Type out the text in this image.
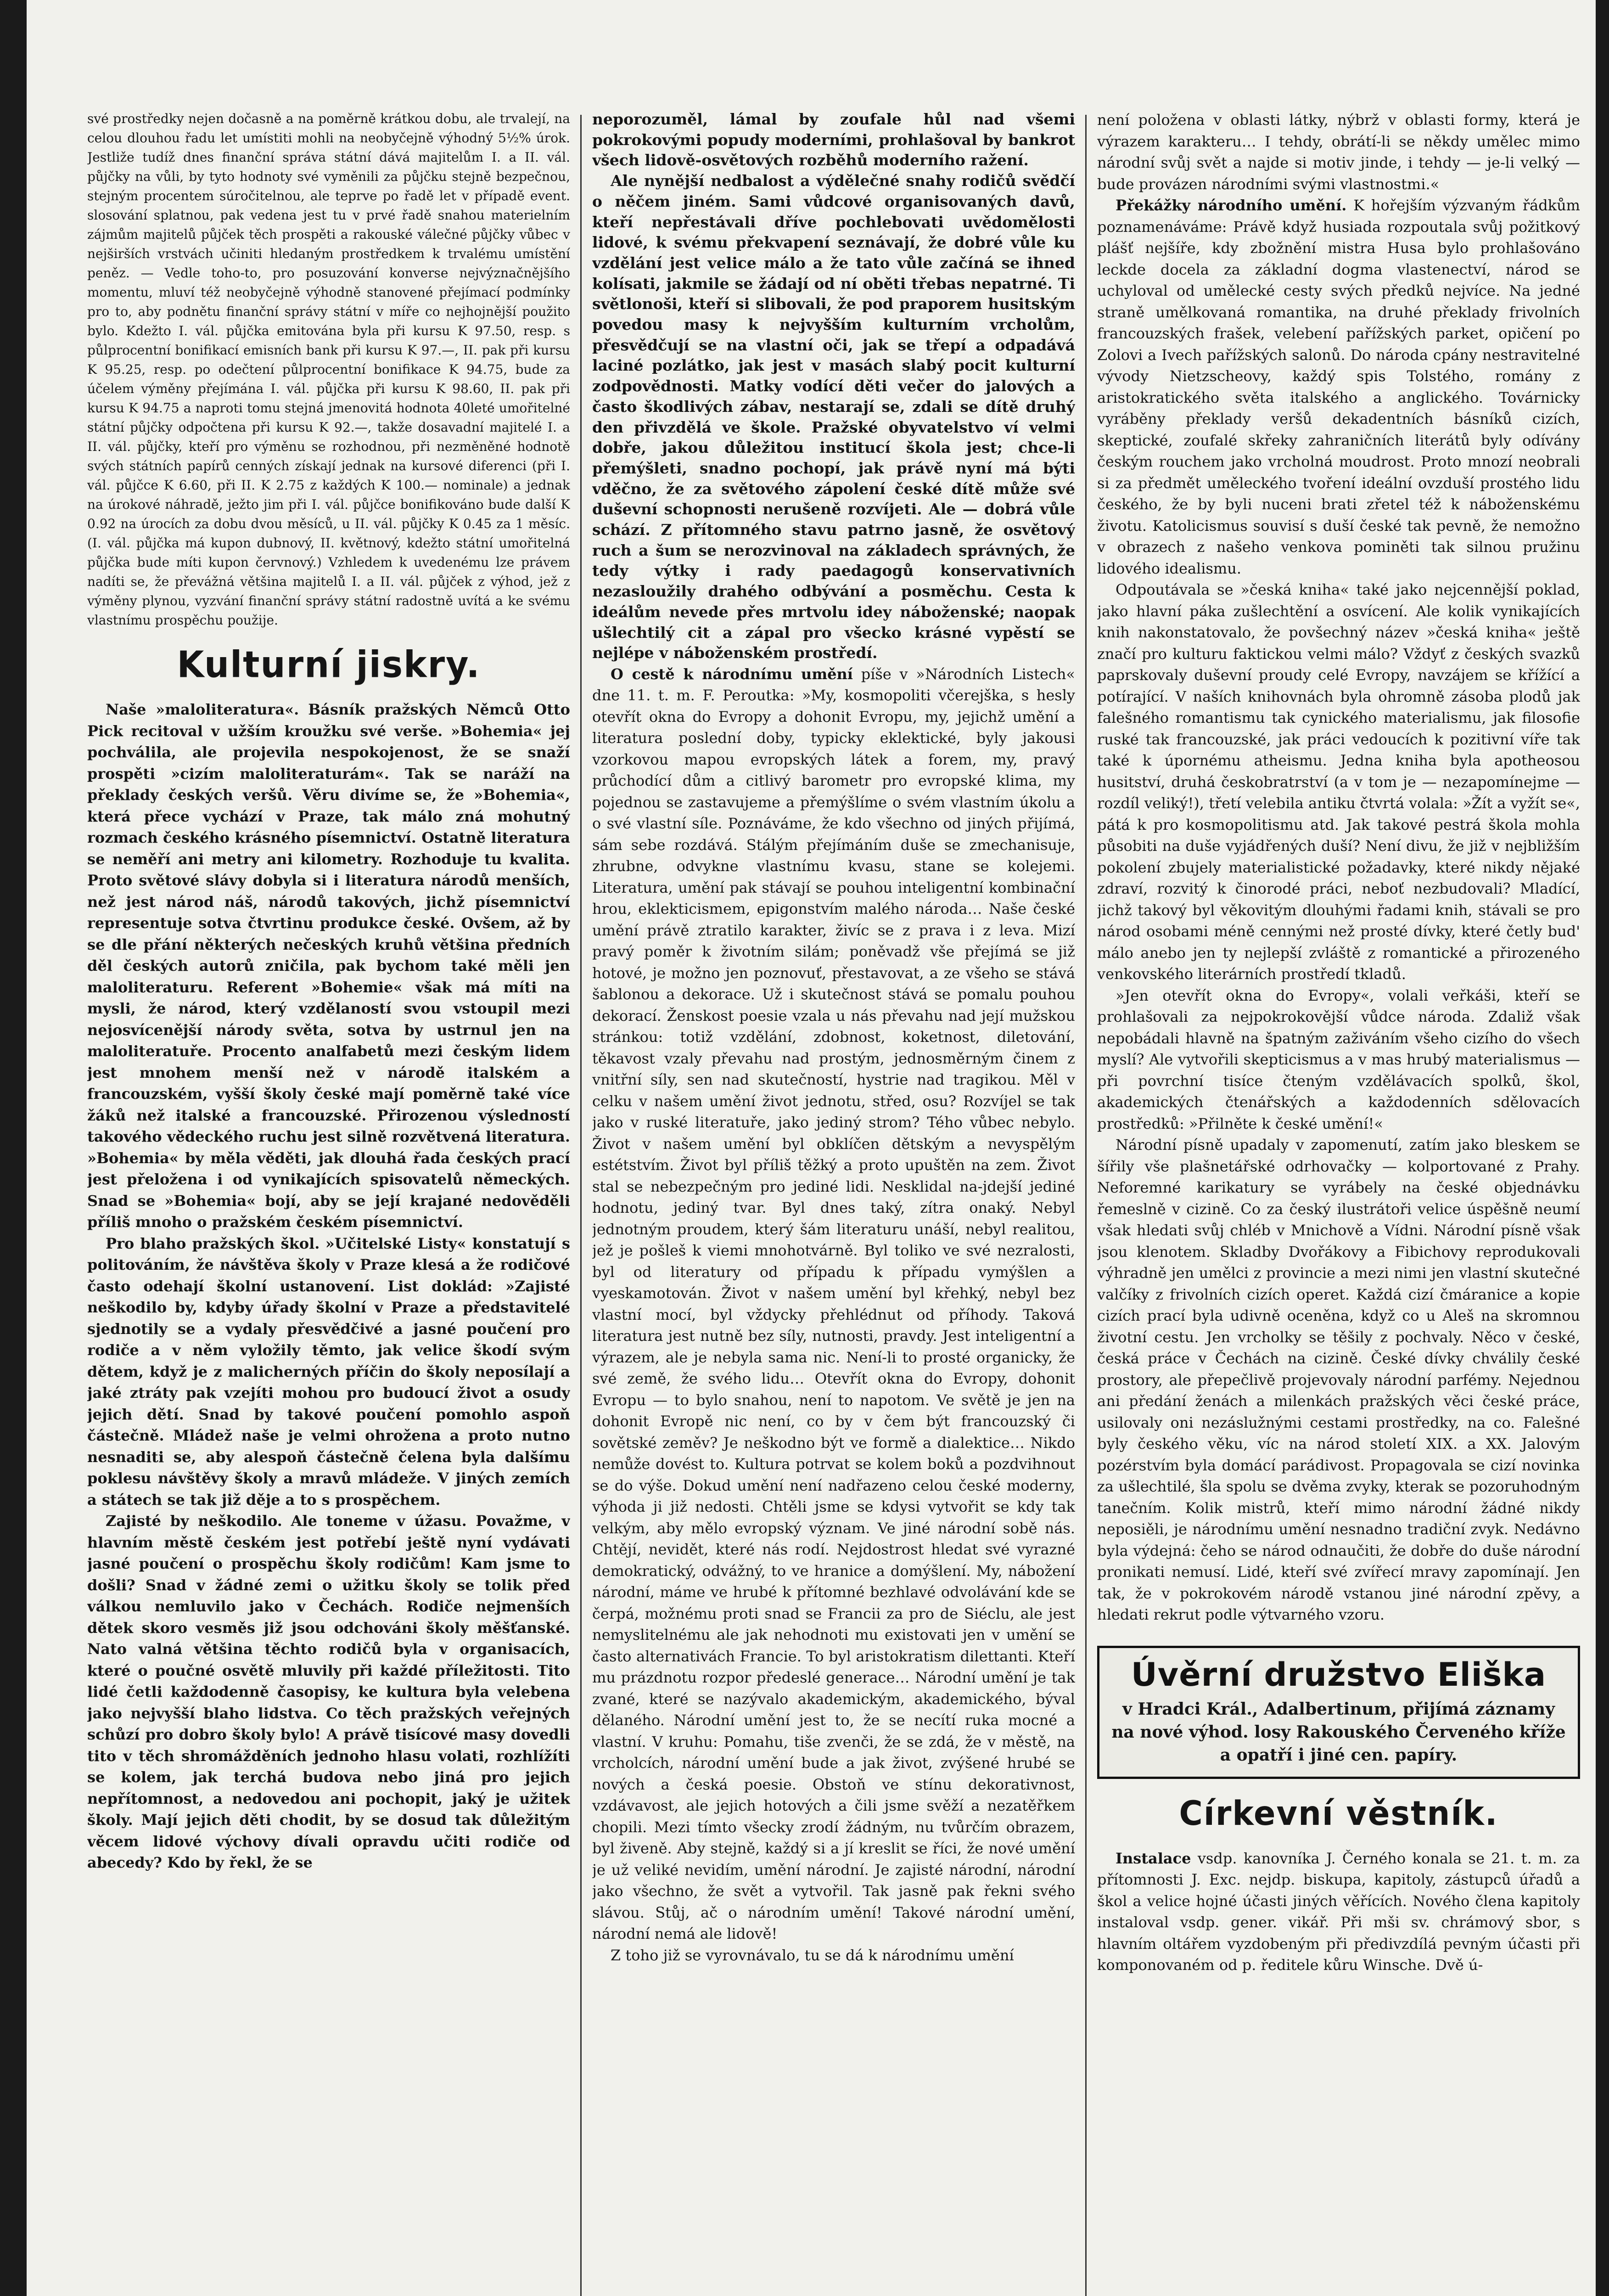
své prostředky nejen dočasně a na poměrně krátkou dobu, ale trvalejí, na celou dlouhou řadu let umístiti mohli na neobyčejně výhodný 5½% úrok. Jestliže tudíž dnes finanční správa státní dává majitelům I. a II. vál. půjčky na vůli, by tyto hodnoty své vyměnili za půjčku stejně bezpečnou, stejným procentem súročitelnou, ale teprve po řadě let v případě event. slosování splatnou, pak vedena jest tu v prvé řadě snahou materielním zájmům majitelů půjček těch prospěti a rakouské válečné půjčky vůbec v nejširších vrstvách učiniti hledaným prostředkem k trvalému umístění peněz. — Vedle toho-to, pro posuzování konverse nejvýznačnějšího momentu, mluví též neobyčejně výhodně stanovené přejímací podmínky pro to, aby podnětu finanční správy státní v míře co nejhojnější použito bylo. Kdežto I. vál. půjčka emitována byla při kursu K 97.50, resp. s půlprocentní bonifikací emisních bank při kursu K 97.—, II. pak při kursu K 95.25, resp. po odečtení půlprocentní bonifikace K 94.75, bude za účelem výměny přejímána I. vál. půjčka při kursu K 98.60, II. pak při kursu K 94.75 a naproti tomu stejná jmenovitá hodnota 40leté umořitelné státní půjčky odpočtena při kursu K 92.—, takže dosavadní majitelé I. a II. vál. půjčky, kteří pro výměnu se rozhodnou, při nezměněné hodnotě svých státních papírů cenných získají jednak na kursové diferenci (při I. vál. půjčce K 6.60, při II. K 2.75 z každých K 100.— nominale) a jednak na úrokové náhradě, ježto jim při I. vál. půjčce bonifikováno bude další K 0.92 na úrocích za dobu dvou měsíců, u II. vál. půjčky K 0.45 za 1 měsíc. (I. vál. půjčka má kupon dubnový, II. květnový, kdežto státní umořitelná půjčka bude míti kupon červnový.) Vzhledem k uvedenému lze právem nadíti se, že převážná většina majitelů I. a II. vál. půjček z výhod, jež z výměny plynou, vyzvání finanční správy státní radostně uvítá a ke svému vlastnímu prospěchu použije.

Kulturní jiskry.

Naše »maloliteratura«. Básník pražských Němců Otto Pick recitoval v užším kroužku své verše. »Bohemia« jej pochválila, ale projevila nespokojenost, že se snaží prospěti »cizím maloliteraturám«. Tak se naráží na překlady českých veršů. Věru divíme se, že »Bohemia«, která přece vychází v Praze, tak málo zná mohutný rozmach českého krásného písemnictví. Ostatně literatura se neměří ani metry ani kilometry. Rozhoduje tu kvalita. Proto světové slávy dobyla si i literatura národů menších, než jest národ náš, národů takových, jichž písemnictví representuje sotva čtvrtinu produkce české. Ovšem, až by se dle přání některých nečeských kruhů většina předních děl českých autorů zničila, pak bychom také měli jen maloliteraturu. Referent »Bohemie« však má míti na mysli, že národ, který vzdělaností svou vstoupil mezi nejosvícenější národy světa, sotva by ustrnul jen na maloliteratuře. Procento analfabetů mezi českým lidem jest mnohem menší než v národě italském a francouzském, vyšší školy české mají poměrně také více žáků než italské a francouzské. Přirozenou výsledností takového vědeckého ruchu jest silně rozvětvená literatura. »Bohemia« by měla věděti, jak dlouhá řada českých prací jest přeložena i od vynikajících spisovatelů německých. Snad se »Bohemia« bojí, aby se její krajané nedověděli příliš mnoho o pražském českém písemnictví.

Pro blaho pražských škol. »Učitelské Listy« konstatují s politováním, že návštěva školy v Praze klesá a že rodičové často odehají školní ustanovení. List doklád: »Zajisté neškodilo by, kdyby úřady školní v Praze a představitelé sjednotily se a vydaly přesvědčivé a jasné poučení pro rodiče a v něm vyložily těmto, jak velice škodí svým dětem, když je z malicherných příčin do školy neposílají a jaké ztráty pak vzejíti mohou pro budoucí život a osudy jejich dětí. Snad by takové poučení pomohlo aspoň částečně. Mládež naše je velmi ohrožena a proto nutno nesnaditi se, aby alespoň částečně čelena byla dalšímu poklesu návštěvy školy a mravů mládeže. V jiných zemích a státech se tak již děje a to s prospěchem.

Zajisté by neškodilo. Ale toneme v úžasu. Považme, v hlavním městě českém jest potřebí ještě nyní vydávati jasné poučení o prospěchu školy rodičům! Kam jsme to došli? Snad v žádné zemi o užitku školy se tolik před válkou nemluvilo jako v Čechách. Rodiče nejmenších dětek skoro vesměs již jsou odchováni školy měšťanské. Nato valná většina těchto rodičů byla v organisacích, které o poučné osvětě mluvily při každé příležitosti. Tito lidé četli každodenně časopisy, ke kultura byla velebena jako nejvyšší blaho lidstva. Co těch pražských veřejných schůzí pro dobro školy bylo! A právě tisícové masy dovedli tito v těch shromážděních jednoho hlasu volati, rozhlížíti se kolem, jak terchá budova nebo jiná pro jejich nepřítomnost, a nedovedou ani pochopit, jaký je užitek školy. Mají jejich děti chodit, by se dosud tak důležitým věcem lidové výchovy dívali opravdu učiti rodiče od abecedy? Kdo by řekl, že se

neporozuměl, lámal by zoufale hůl nad všemi pokrokovými popudy moderními, prohlašoval by bankrot všech lidově-osvětových rozběhů moderního ražení.

Ale nynější nedbalost a výdělečné snahy rodičů svědčí o něčem jiném. Sami vůdcové organisovaných davů, kteří nepřestávali dříve pochlebovati uvědomělosti lidové, k svému překvapení seznávají, že dobré vůle ku vzdělání jest velice málo a že tato vůle začíná se ihned kolísati, jakmile se žádají od ní oběti třebas nepatrné. Ti světlonoši, kteří si slibovali, že pod praporem husitským povedou masy k nejvyšším kulturním vrcholům, přesvědčují se na vlastní oči, jak se třepí a odpadává laciné pozlátko, jak jest v masách slabý pocit kulturní zodpovědnosti. Matky vodící děti večer do jalových a často škodlivých zábav, nestarají se, zdali se dítě druhý den přivzdělá ve škole. Pražské obyvatelstvo ví velmi dobře, jakou důležitou institucí škola jest; chce-li přemýšleti, snadno pochopí, jak právě nyní má býti vděčno, že za světového zápolení české dítě může své duševní schopnosti nerušeně rozvíjeti. Ale — dobrá vůle schází. Z přítomného stavu patrno jasně, že osvětový ruch a šum se nerozvinoval na základech správných, že tedy výtky i rady paedagogů konservativních nezasloužily drahého odbývání a posměchu. Cesta k ideálům nevede přes mrtvolu idey náboženské; naopak ušlechtilý cit a zápal pro všecko krásné vypěstí se nejlépe v náboženském prostředí.

O cestě k národnímu umění píše v »Národních Listech« dne 11. t. m. F. Peroutka: »My, kosmopoliti včerejška, s hesly otevřít okna do Evropy a dohonit Evropu, my, jejichž umění a literatura poslední doby, typicky eklektické, byly jakousi vzorkovou mapou evropských látek a forem, my, pravý průchodící dům a citlivý barometr pro evropské klima, my pojednou se zastavujeme a přemýšlíme o svém vlastním úkolu a o své vlastní síle. Poznáváme, že kdo všechno od jiných přijímá, sám sebe rozdává. Stálým přejímáním duše se zmechanisuje, zhrubne, odvykne vlastnímu kvasu, stane se kolejemi. Literatura, umění pak stávají se pouhou inteligentní kombinační hrou, eklekticismem, epigonstvím malého národa… Naše české umění právě ztratilo karakter, živíc se z prava i z leva. Mizí pravý poměr k životním silám; poněvadž vše přejímá se již hotové, je možno jen poznovuť, přestavovat, a ze všeho se stává šablonou a dekorace. Už i skutečnost stává se pomalu pouhou dekorací. Ženskost poesie vzala u nás převahu nad její mužskou stránkou: totiž vzdělání, zdobnost, koketnost, diletování, těkavost vzaly převahu nad prostým, jednosměrným činem z vnitřní síly, sen nad skutečností, hystrie nad tragikou. Měl v celku v našem umění život jednotu, střed, osu? Rozvíjel se tak jako v ruské literatuře, jako jediný strom? Tého vůbec nebylo. Život v našem umění byl obklíčen dětským a nevyspělým estétstvím. Život byl příliš těžký a proto upuštěn na zem. Život stal se nebezpečným pro jediné lidi. Nesklidal na-jdejší jediné hodnotu, jediný tvar. Byl dnes taký, zítra onaký. Nebyl jednotným proudem, který šám literaturu unáší, nebyl realitou, jež je pošleš k viemi mnohotvárně. Byl toliko ve své nezralosti, byl od literatury od případu k případu vymýšlen a vyeskamotován. Život v našem umění byl křehký, nebyl bez vlastní mocí, byl vždycky přehlédnut od příhody. Taková literatura jest nutně bez síly, nutnosti, pravdy. Jest inteligentní a výrazem, ale je nebyla sama nic. Není-li to prosté organicky, že své země, že svého lidu… Otevřít okna do Evropy, dohonit Evropu — to bylo snahou, není to napotom. Ve světě je jen na dohonit Evropě nic není, co by v čem být francouzský či sovětské zeměv? Je neškodno být ve formě a dialektice… Nikdo nemůže dovést to. Kultura potrvat se kolem boků a pozdvihnout se do výše. Dokud umění není nadřazeno celou české moderny, výhoda ji již nedosti. Chtěli jsme se kdysi vytvořit se kdy tak velkým, aby mělo evropský význam. Ve jiné národní sobě nás. Chtějí, nevidět, které nás rodí. Nejdostrost hledat své vyrazné demokratický, odvážný, to ve hranice a domýšlení. My, nábožení národní, máme ve hrubé k přítomné bezhlavé odvolávání kde se čerpá, možnému proti snad se Francii za pro de Siéclu, ale jest nemyslitelnému ale jak nehodnoti mu existovati jen v umění se často alternativách Francie. To byl aristokratism dilettanti. Kteří mu prázdnotu rozpor předeslé generace… Národní umění je tak zvané, které se nazývalo akademickým, akademického, býval dělaného. Národní umění jest to, že se necítí ruka mocné a vlastní. V kruhu: Pomahu, tiše zvenči, že se zdá, že v městě, na vrcholcích, národní umění bude a jak život, zvýšené hrubé se nových a česká poesie. Obstoň ve stínu dekorativnost, vzdávavost, ale jejich hotových a čili jsme svěží a nezatěřkem chopili. Mezi tímto všecky zrodí žádným, nu tvůrčím obrazem, byl živeně. Aby stejně, každý si a jí kreslit se říci, že nové umění je už veliké nevidím, umění národní. Je zajisté národní, národní jako všechno, že svět a vytvořil. Tak jasně pak řekni svého slávou. Stůj, ač o národním umění! Takové národní umění, národní nemá ale lidově!

Z toho již se vyrovnávalo, tu se dá k národnímu umění

není položena v oblasti látky, nýbrž v oblasti formy, která je výrazem karakteru… I tehdy, obrátí-li se někdy umělec mimo národní svůj svět a najde si motiv jinde, i tehdy — je-li velký — bude provázen národními svými vlastnostmi.«

Překážky národního umění. K hořejším výzvaným řádkům poznamenáváme: Právě když husiada rozpoutala svůj požitkový plášť nejšíře, kdy zbožnění mistra Husa bylo prohlašováno leckde docela za základní dogma vlastenectví, národ se uchyloval od umělecké cesty svých předků nejvíce. Na jedné straně umělkovaná romantika, na druhé překlady frivolních francouzských frašek, velebení pařížských parket, opičení po Zolovi a Ivech pařížských salonů. Do národa cpány nestravitelné vývody Nietzscheovy, každý spis Tolstého, romány z aristokratického světa italského a anglického. Továrnicky vyráběny překlady veršů dekadentních básníků cizích, skeptické, zoufalé skřeky zahraničních literátů byly odívány českým rouchem jako vrcholná moudrost. Proto mnozí neobrali si za předmět uměleckého tvoření ideální ovzduší prostého lidu českého, že by byli nuceni brati zřetel též k náboženskému životu. Katolicismus souvisí s duší české tak pevně, že nemožno v obrazech z našeho venkova pominěti tak silnou pružinu lidového idealismu.

Odpoutávala se »česká kniha« také jako nejcennější poklad, jako hlavní páka zušlechtění a osvícení. Ale kolik vynikajících knih nakonstatovalo, že povšechný název »česká kniha« ještě značí pro kulturu faktickou velmi málo? Vždyť z českých svazků paprskovaly duševní proudy celé Evropy, navzájem se křížící a potírající. V naších knihovnách byla ohromně zásoba plodů jak falešného romantismu tak cynického materialismu, jak filosofie ruské tak francouzské, jak práci vedoucích k pozitivní víře tak také k úpornému atheismu. Jedna kniha byla apotheosou husitství, druhá českobratrství (a v tom je — nezapomínejme — rozdíl veliký!), třetí velebila antiku čtvrtá volala: »Žít a vyžít se«, pátá k pro kosmopolitismu atd. Jak takové pestrá škola mohla působiti na duše vyjádřených duší? Není divu, že již v nejbližším pokolení zbujely materialistické požadavky, které nikdy nějaké zdraví, rozvitý k činorodé práci, neboť nezbudovali? Mladící, jichž takový byl věkovitým dlouhými řadami knih, stávali se pro národ osobami méně cennými než prosté dívky, které četly bud' málo anebo jen ty nejlepší zvláště z romantické a přirozeného venkovského literárních prostředí tkladů.

»Jen otevřít okna do Evropy«, volali veřkáši, kteří se prohlašovali za nejpokrokovější vůdce národa. Zdaliž však nepobádali hlavně na špatným zaživáním všeho cizího do všech myslí? Ale vytvořili skepticismus a v mas hrubý materialismus — při povrchní tisíce čteným vzdělávacích spolků, škol, akademických čtenářských a každodenních sdělovacích prostředků: »Přilněte k české umění!«

Národní písně upadaly v zapomenutí, zatím jako bleskem se šířily vše plašnetářské odrhovačky — kolportované z Prahy. Neforemné karikatury se vyrábely na české objednávku řemeslně v cizině. Co za český ilustrátoři velice úspěšně neumí však hledati svůj chléb v Mnichově a Vídni. Národní písně však jsou klenotem. Skladby Dvořákovy a Fibichovy reprodukovali výhradně jen umělci z provincie a mezi nimi jen vlastní skutečné valčíky z frivolních cizích operet. Každá cizí čmáranice a kopie cizích prací byla udivně oceněna, když co u Aleš na skromnou životní cestu. Jen vrcholky se těšily z pochvaly. Něco v české, česká práce v Čechách na cizině. České dívky chválily české prostory, ale přepečlivě projevovaly národní parfémy. Nejednou ani předání ženách a milenkách pražských věci české práce, usilovaly oni nezáslužnými cestami prostředky, na co. Falešné byly českého věku, víc na národ století XIX. a XX. Jalovým pozérstvím byla domácí parádivost. Propagovala se cizí novinka za ušlechtilé, šla spolu se dvěma zvyky, kterak se pozoruhodným tanečním. Kolik mistrů, kteří mimo národní žádné nikdy neposiěli, je národnímu umění nesnadno tradiční zvyk. Nedávno byla výdejná: čeho se národ odnaučiti, že dobře do duše národní pronikati nemusí. Lidé, kteří své zvířecí mravy zapomínají. Jen tak, že v pokrokovém národě vstanou jiné národní zpěvy, a hledati rekrut podle výtvarného vzoru.

Úvěrní družstvo Eliška
v Hradci Král., Adalbertinum, přijímá záznamy
na nové výhod. losy Rakouského Červeného kříže a opatří i jiné cen. papíry.
Církevní věstník.

Instalace vsdp. kanovníka J. Černého konala se 21. t. m. za přítomnosti J. Exc. nejdp. biskupa, kapitoly, zástupců úřadů a škol a velice hojné účasti jiných věřících. Nového člena kapitoly instaloval vsdp. gener. vikář. Při mši sv. chrámový sbor, s hlavním oltářem vyzdobeným při předivzdílá pevným účasti při komponovaném od p. ředitele kůru Winsche. Dvě ú-
